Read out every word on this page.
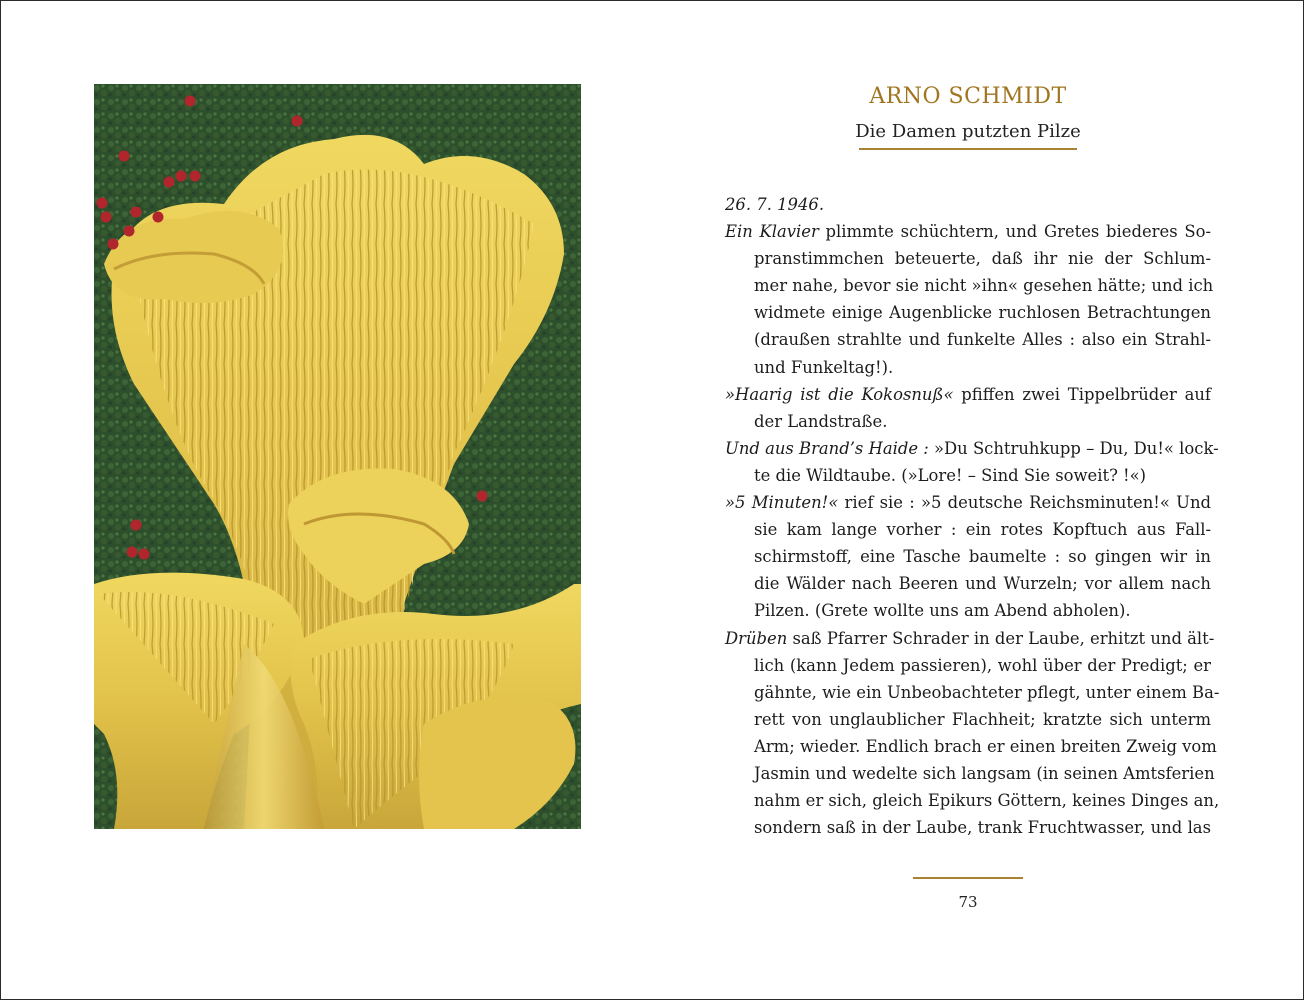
ARNO SCHMIDT
Die Damen putzten Pilze
26. 7. 1946.
Ein Klavier plimmte schüchtern, und Gretes biederes So-
pranstimmchen beteuerte, daß ihr nie der Schlum-
mer nahe, bevor sie nicht »ihn« gesehen hätte; und ich
widmete einige Augenblicke ruchlosen Betrachtungen
(draußen strahlte und funkelte Alles : also ein Strahl-
und Funkeltag!).
»Haarig ist die Kokosnuß« pfiffen zwei Tippelbrüder auf
der Landstraße.
Und aus Brand’s Haide : »Du Schtruhkupp – Du, Du!« lock-
te die Wildtaube. (»Lore! – Sind Sie soweit? !«)
»5 Minuten!« rief sie : »5 deutsche Reichsminuten!« Und
sie kam lange vorher : ein rotes Kopftuch aus Fall-
schirmstoff, eine Tasche baumelte : so gingen wir in
die Wälder nach Beeren und Wurzeln; vor allem nach
Pilzen. (Grete wollte uns am Abend abholen).
Drüben saß Pfarrer Schrader in der Laube, erhitzt und ält-
lich (kann Jedem passieren), wohl über der Predigt; er
gähnte, wie ein Unbeobachteter pflegt, unter einem Ba-
rett von unglaublicher Flachheit; kratzte sich unterm
Arm; wieder. Endlich brach er einen breiten Zweig vom
Jasmin und wedelte sich langsam (in seinen Amtsferien
nahm er sich, gleich Epikurs Göttern, keines Dinges an,
sondern saß in der Laube, trank Fruchtwasser, und las
73
